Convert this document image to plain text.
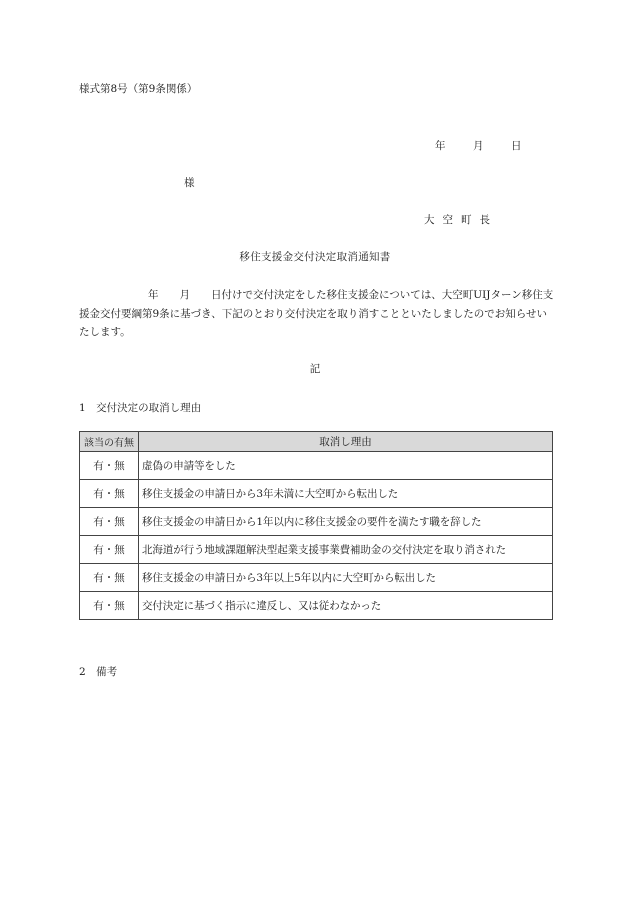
様式第8号（第9条関係）
年	月	日
様
大空町長
移住支援金交付決定取消通知書
　　年　　月　　日付けで交付決定をした移住支援金については、大空町UIJターン移住支援金交付要綱第9条に基づき、下記のとおり交付決定を取り消すことといたしましたのでお知らせいたします。
記
1　交付決定の取消し理由
該当の有無	取消し理由
有・無	虚偽の申請等をした
有・無	移住支援金の申請日から3年未満に大空町から転出した
有・無	移住支援金の申請日から1年以内に移住支援金の要件を満たす職を辞した
有・無	北海道が行う地域課題解決型起業支援事業費補助金の交付決定を取り消された
有・無	移住支援金の申請日から3年以上5年以内に大空町から転出した
有・無	交付決定に基づく指示に違反し、又は従わなかった
2　備考
